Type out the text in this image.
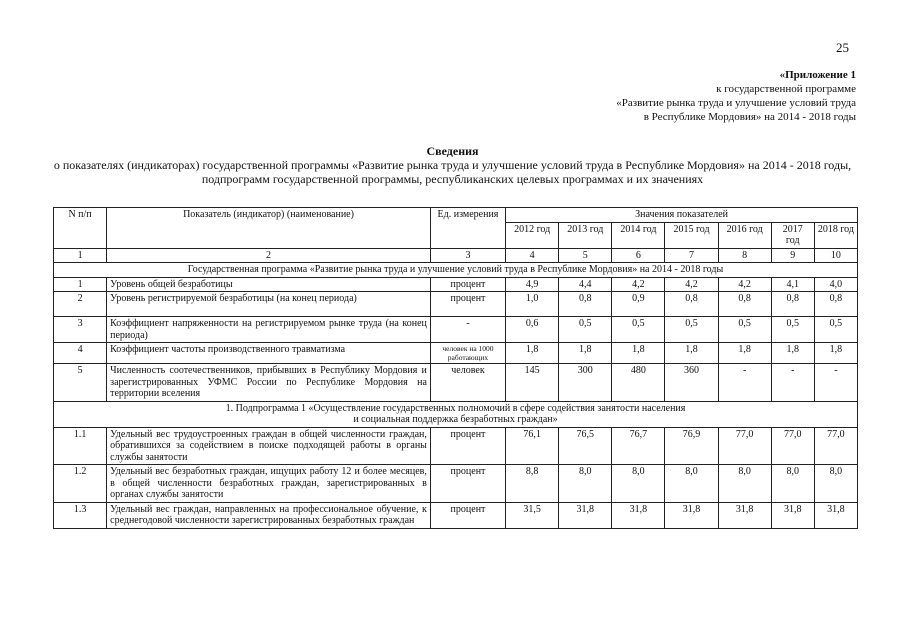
25
«Приложение 1
к государственной программе
«Развитие рынка труда и улучшение условий труда
в Республике Мордовия» на 2014 - 2018 годы
Сведения
о показателях (индикаторах) государственной программы «Развитие рынка труда и улучшение условий труда в Республике Мордовия» на 2014 - 2018 годы, подпрограмм государственной программы, республиканских целевых программах и их значениях
N п/п	Показатель (индикатор) (наименование)	Ед. измерения	Значения показателей						
			2012 год	2013 год	2014 год	2015 год	2016 год	2017 год	2018 год
1	2	3	4	5	6	7	8	9	10
Государственная программа «Развитие рынка труда и улучшение условий труда в Республике Мордовия» на 2014 - 2018 годы									
1	Уровень общей безработицы	процент	4,9	4,4	4,2	4,2	4,2	4,1	4,0
2	Уровень регистрируемой безработицы (на конец периода)	процент	1,0	0,8	0,9	0,8	0,8	0,8	0,8
3	Коэффициент напряженности на регистрируемом рынке труда (на конец периода)	-	0,6	0,5	0,5	0,5	0,5	0,5	0,5
4	Коэффициент частоты производственного травматизма	человек на 1000 работающих	1,8	1,8	1,8	1,8	1,8	1,8	1,8
5	Численность соотечественников, прибывших в Республику Мордовия и зарегистрированных УФМС России по Республике Мордовия на территории вселения	человек	145	300	480	360	-	-	-

1. Подпрограмма 1 «Осуществление государственных полномочий в сфере содействия занятости населения
и социальная поддержка безработных граждан»									

1.1	Удельный вес трудоустроенных граждан в общей численности граждан, обратившихся за содействием в поиске подходящей работы в органы службы занятости	процент	76,1	76,5	76,7	76,9	77,0	77,0	77,0
1.2	Удельный вес безработных граждан, ищущих работу 12 и более месяцев, в общей численности безработных граждан, зарегистрированных в органах службы занятости	процент	8,8	8,0	8,0	8,0	8,0	8,0	8,0
1.3	Удельный вес граждан, направленных на профессиональное обучение, к среднегодовой численности зарегистрированных безработных граждан	процент	31,5	31,8	31,8	31,8	31,8	31,8	31,8
